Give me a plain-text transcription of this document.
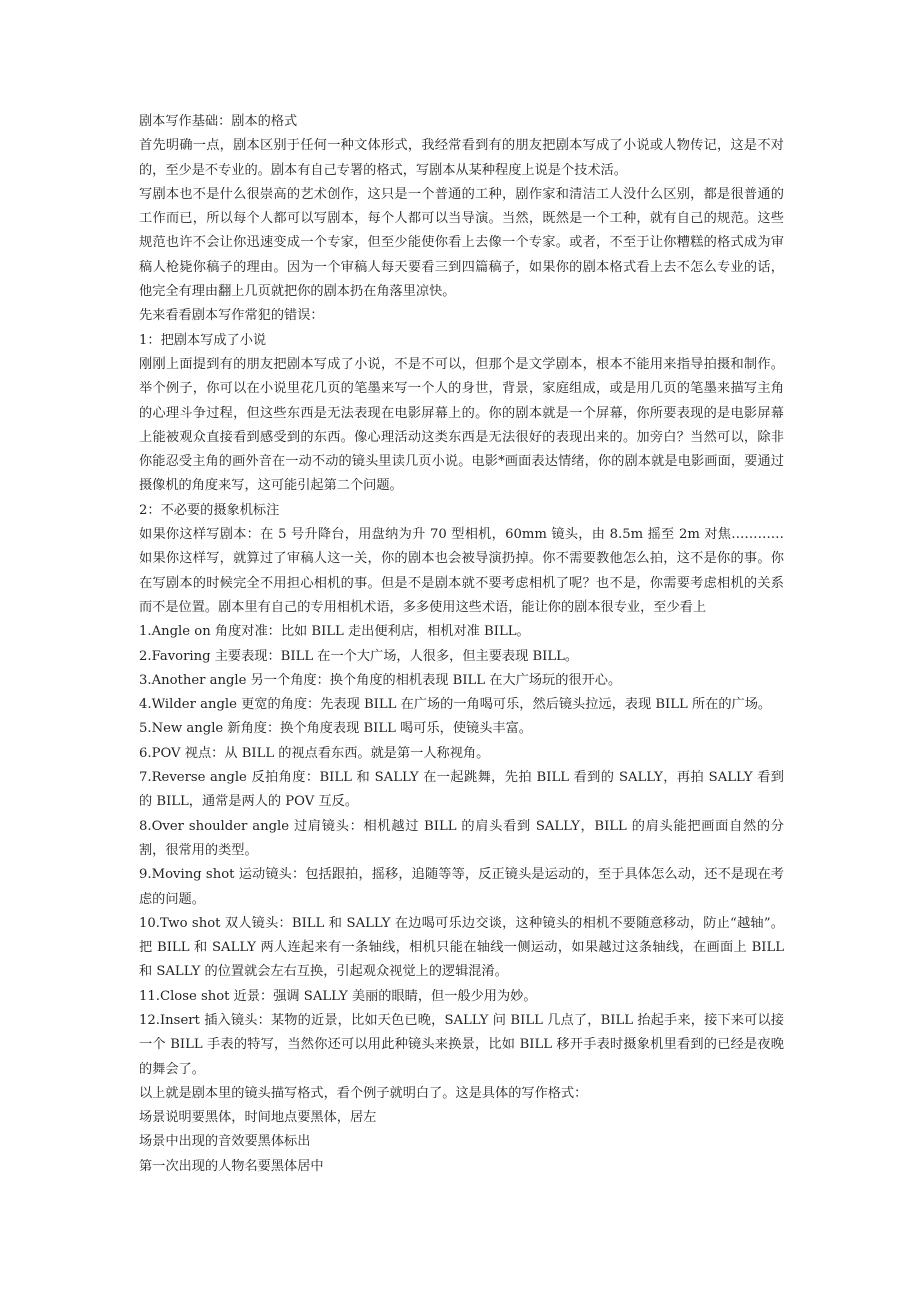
剧本写作基础：剧本的格式

首先明确一点，剧本区别于任何一种文体形式，我经常看到有的朋友把剧本写成了小说或人物传记，这是不对的，至少是不专业的。剧本有自己专署的格式，写剧本从某种程度上说是个技术活。

写剧本也不是什么很崇高的艺术创作，这只是一个普通的工种，剧作家和清洁工人没什么区别，都是很普通的工作而已，所以每个人都可以写剧本，每个人都可以当导演。当然，既然是一个工种，就有自己的规范。这些规范也许不会让你迅速变成一个专家，但至少能使你看上去像一个专家。或者，不至于让你糟糕的格式成为审稿人枪毙你稿子的理由。因为一个审稿人每天要看三到四篇稿子，如果你的剧本格式看上去不怎么专业的话，他完全有理由翻上几页就把你的剧本扔在角落里凉快。

先来看看剧本写作常犯的错误：

1：把剧本写成了小说

刚刚上面提到有的朋友把剧本写成了小说，不是不可以，但那个是文学剧本，根本不能用来指导拍摄和制作。举个例子，你可以在小说里花几页的笔墨来写一个人的身世，背景，家庭组成，或是用几页的笔墨来描写主角的心理斗争过程，但这些东西是无法表现在电影屏幕上的。你的剧本就是一个屏幕，你所要表现的是电影屏幕上能被观众直接看到感受到的东西。像心理活动这类东西是无法很好的表现出来的。加旁白？当然可以，除非你能忍受主角的画外音在一动不动的镜头里读几页小说。电影*画面表达情绪，你的剧本就是电影画面，要通过摄像机的角度来写，这可能引起第二个问题。

2：不必要的摄象机标注

如果你这样写剧本：在 5 号升降台，用盘纳为升 70 型相机，60mm 镜头，由 8.5m 摇至 2m 对焦…………如果你这样写，就算过了审稿人这一关，你的剧本也会被导演扔掉。你不需要教他怎么拍，这不是你的事。你在写剧本的时候完全不用担心相机的事。但是不是剧本就不要考虑相机了呢？也不是，你需要考虑相机的关系而不是位置。剧本里有自己的专用相机术语，多多使用这些术语，能让你的剧本很专业，至少看上

1.Angle on 角度对准：比如 BILL 走出便利店，相机对准 BILL。

2.Favoring 主要表现：BILL 在一个大广场，人很多，但主要表现 BILL。

3.Another angle 另一个角度：换个角度的相机表现 BILL 在大广场玩的很开心。

4.Wilder angle 更宽的角度：先表现 BILL 在广场的一角喝可乐，然后镜头拉远，表现 BILL 所在的广场。

5.New angle 新角度：换个角度表现 BILL 喝可乐，使镜头丰富。

6.POV 视点：从 BILL 的视点看东西。就是第一人称视角。

7.Reverse angle 反拍角度：BILL 和 SALLY 在一起跳舞，先拍 BILL 看到的 SALLY，再拍 SALLY 看到的 BILL，通常是两人的 POV 互反。

8.Over shoulder angle 过肩镜头：相机越过 BILL 的肩头看到 SALLY，BILL 的肩头能把画面自然的分割，很常用的类型。

9.Moving shot 运动镜头：包括跟拍，摇移，追随等等，反正镜头是运动的，至于具体怎么动，还不是现在考虑的问题。

10.Two shot 双人镜头：BILL 和 SALLY 在边喝可乐边交谈，这种镜头的相机不要随意移动，防止“越轴”。把 BILL 和 SALLY 两人连起来有一条轴线，相机只能在轴线一侧运动，如果越过这条轴线，在画面上 BILL 和 SALLY 的位置就会左右互换，引起观众视觉上的逻辑混淆。

11.Close shot 近景：强调 SALLY 美丽的眼睛，但一般少用为妙。

12.Insert 插入镜头：某物的近景，比如天色已晚，SALLY 问 BILL 几点了，BILL 抬起手来，接下来可以接一个 BILL 手表的特写，当然你还可以用此种镜头来换景，比如 BILL 移开手表时摄象机里看到的已经是夜晚的舞会了。

以上就是剧本里的镜头描写格式，看个例子就明白了。这是具体的写作格式：

场景说明要黑体，时间地点要黑体，居左

场景中出现的音效要黑体标出

第一次出现的人物名要黑体居中
